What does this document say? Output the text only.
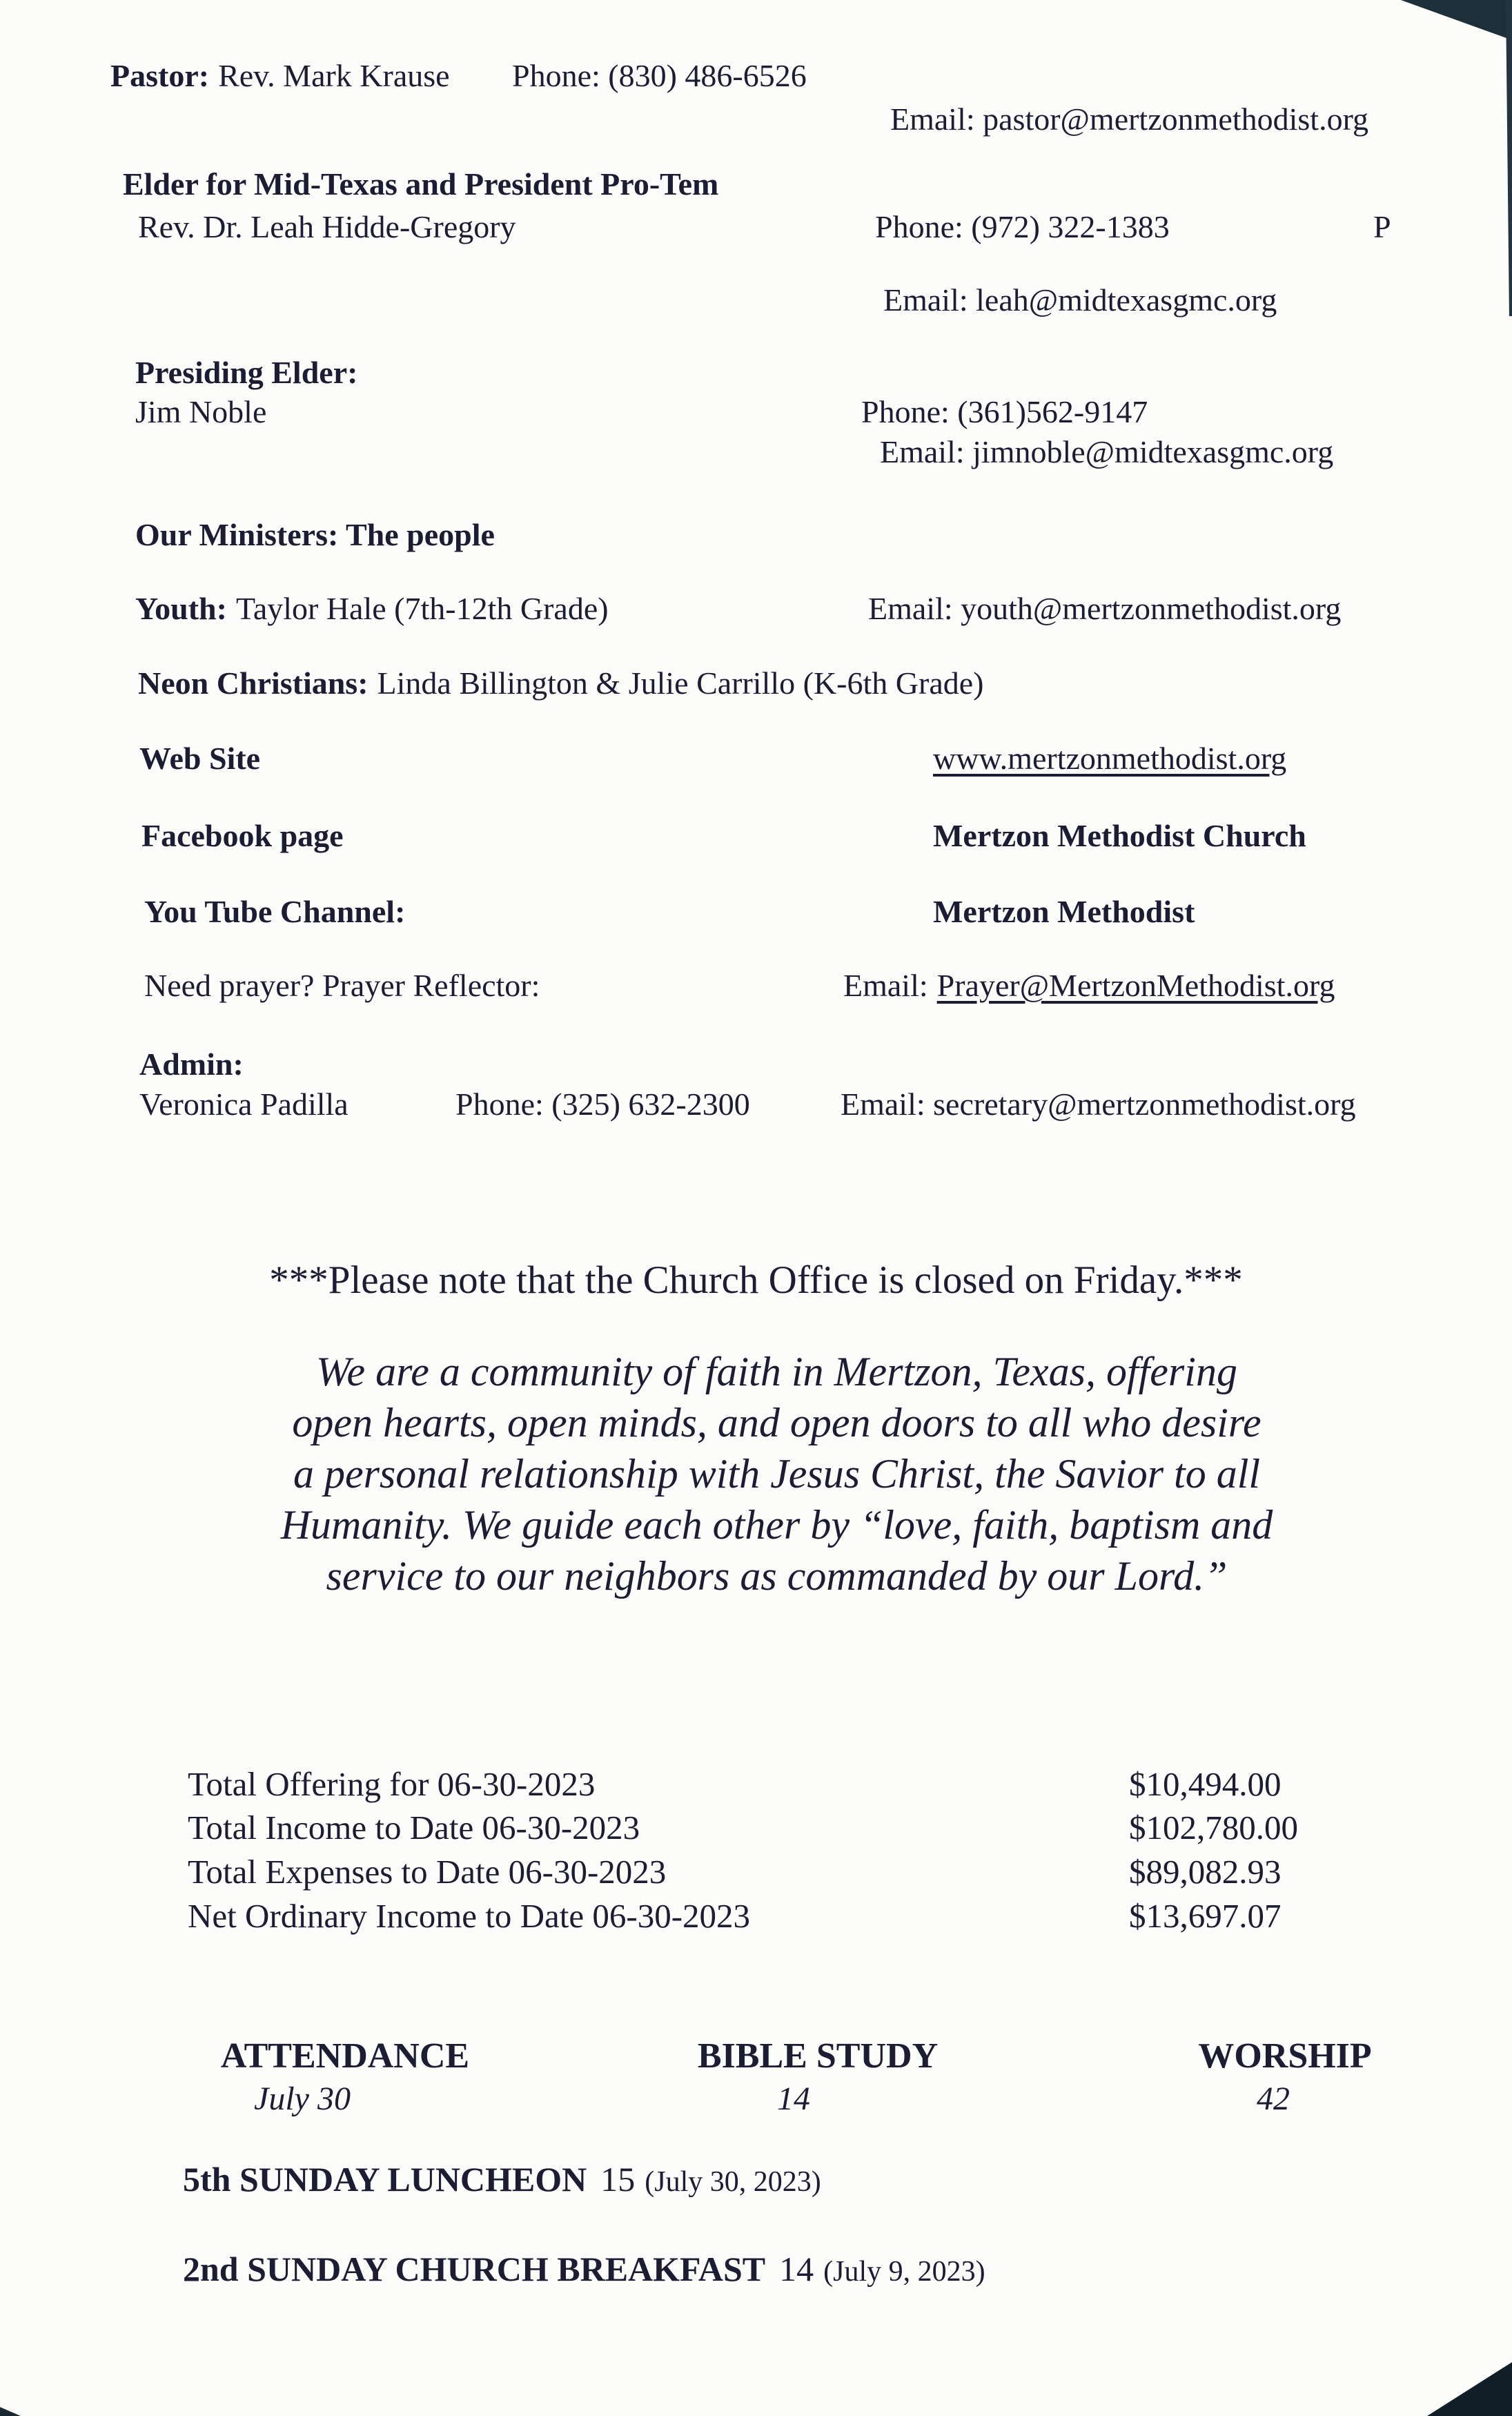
Pastor: Rev. Mark Krause Phone: (830) 486-6526
Email: pastor@mertzonmethodist.org
Elder for Mid-Texas and President Pro-Tem
Rev. Dr. Leah Hidde-Gregory	Phone: (972) 322-1383	P
Email: leah@midtexasgmc.org
Presiding Elder:
Jim Noble	Phone: (361)562-9147
Email: jimnoble@midtexasgmc.org
Our Ministers: The people
Youth: Taylor Hale (7th-12th Grade)	Email: youth@mertzonmethodist.org
Neon Christians: Linda Billington & Julie Carrillo (K-6th Grade)
Web Site	www.mertzonmethodist.org
Facebook page	Mertzon Methodist Church
You Tube Channel:	Mertzon Methodist
Need prayer? Prayer Reflector:	Email: Prayer@MertzonMethodist.org
Admin:
Veronica Padilla	Phone: (325) 632-2300	Email: secretary@mertzonmethodist.org
***Please note that the Church Office is closed on Friday.***
We are a community of faith in Mertzon, Texas, offering
open hearts, open minds, and open doors to all who desire
a personal relationship with Jesus Christ, the Savior to all
Humanity. We guide each other by “love, faith, baptism and
service to our neighbors as commanded by our Lord.”
Total Offering for 06-30-2023	$10,494.00
Total Income to Date 06-30-2023	$102,780.00
Total Expenses to Date 06-30-2023	$89,082.93
Net Ordinary Income to Date 06-30-2023	$13,697.07
ATTENDANCE	BIBLE STUDY	WORSHIP
July 30	14	42
5th SUNDAY LUNCHEON 15 (July 30, 2023)
2nd SUNDAY CHURCH BREAKFAST 14 (July 9, 2023)
